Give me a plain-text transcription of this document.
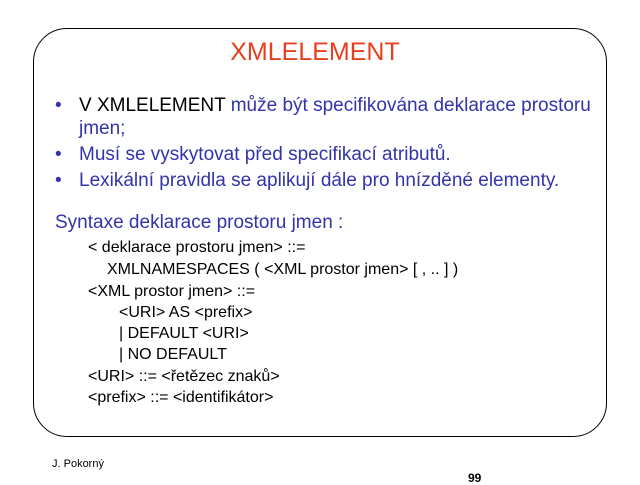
XMLELEMENT
• V XMLELEMENT může být specifikována deklarace prostoru jmen;
• Musí se vyskytovat před specifikací atributů.
• Lexikální pravidla se aplikují dále pro hnízděné elementy.
Syntaxe deklarace prostoru jmen :
< deklarace prostoru jmen> ::=
XMLNAMESPACES ( <XML prostor jmen> [ , .. ] )
<XML prostor jmen> ::=
<URI> AS <prefix>
| DEFAULT <URI>
| NO DEFAULT
<URI> ::= <řetězec znaků>
<prefix> ::= <identifikátor>
J. Pokorný
99
